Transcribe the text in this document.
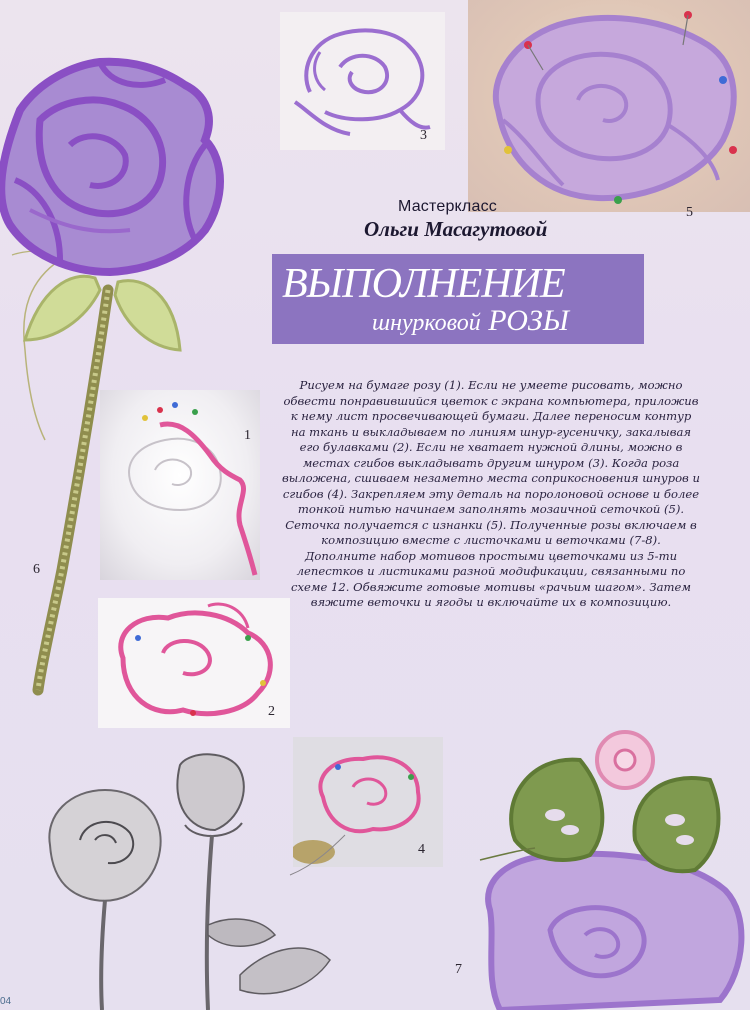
6
3
5
Мастеркласс
Ольги Масагутовой
ВЫПОЛНЕНИЕ
шнурковой РОЗЫ

Рисуем на бумаге розу (1). Если не умеете рисовать, можно обвести понравившийся цветок с экрана компьютера, приложив к нему лист просвечивающей бумаги. Далее переносим контур на ткань и выкладываем по линиям шнур-гусеничку, закалывая его булавками (2). Если не хватает нужной длины, можно в местах сгибов выкладывать другим шнуром (3). Когда роза выложена, сшиваем незаметно места соприкосновения шнуров и сгибов (4). Закрепляем эту деталь на поролоновой основе и более тонкой нитью начинаем заполнять мозаичной сеточкой (5). Сеточка получается с изнанки (5). Полученные розы включаем в композицию вместе с листочками и веточками (7-8).

Дополните набор мотивов простыми цветочками из 5-ти лепестков и листиками разной модификации, связанными по схеме 12. Обвяжите готовые мотивы «рачьим шагом». Затем вяжите веточки и ягоды и включайте их в композицию.

1
2
4
04
7
